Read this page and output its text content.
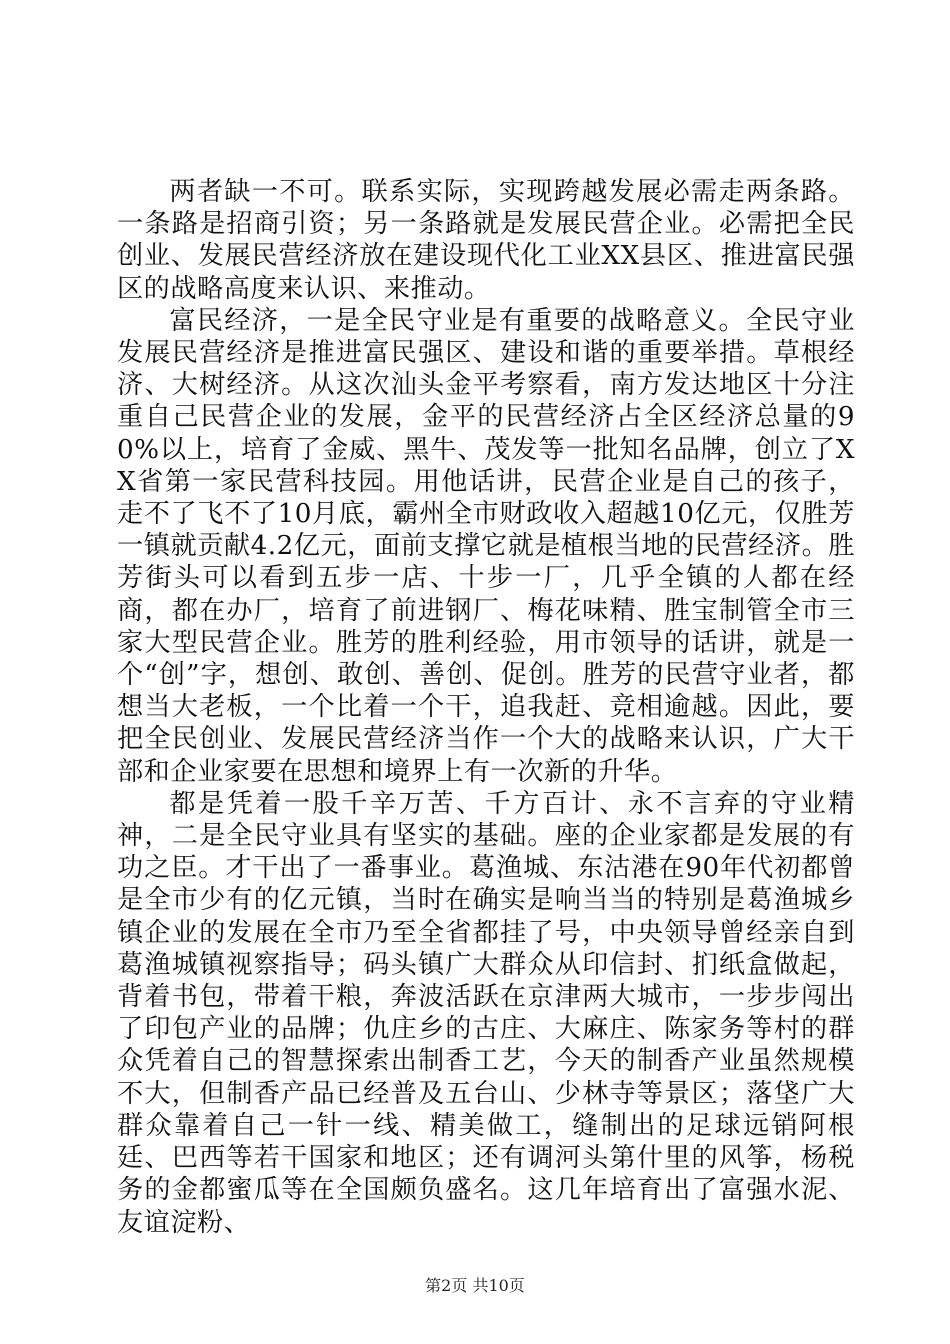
两者缺一不可。联系实际，实现跨越发展必需走两条路。一条路是招商引资；另一条路就是发展民营企业。必需把全民创业、发展民营经济放在建设现代化工业XX县区、推进富民强区的战略高度来认识、来推动。

富民经济，一是全民守业是有重要的战略意义。全民守业发展民营经济是推进富民强区、建设和谐的重要举措。草根经济、大树经济。从这次汕头金平考察看，南方发达地区十分注重自己民营企业的发展，金平的民营经济占全区经济总量的90%以上，培育了金威、黑牛、茂发等一批知名品牌，创立了XX省第一家民营科技园。用他话讲，民营企业是自己的孩子，走不了飞不了10月底，霸州全市财政收入超越10亿元，仅胜芳一镇就贡献4.2亿元，面前支撑它就是植根当地的民营经济。胜芳街头可以看到五步一店、十步一厂，几乎全镇的人都在经商，都在办厂，培育了前进钢厂、梅花味精、胜宝制管全市三家大型民营企业。胜芳的胜利经验，用市领导的话讲，就是一个“创”字，想创、敢创、善创、促创。胜芳的民营守业者，都想当大老板，一个比着一个干，追我赶、竞相逾越。因此，要把全民创业、发展民营经济当作一个大的战略来认识，广大干部和企业家要在思想和境界上有一次新的升华。

都是凭着一股千辛万苦、千方百计、永不言弃的守业精神，二是全民守业具有坚实的基础。座的企业家都是发展的有功之臣。才干出了一番事业。葛渔城、东沽港在90年代初都曾是全市少有的亿元镇，当时在确实是响当当的特别是葛渔城乡镇企业的发展在全市乃至全省都挂了号，中央领导曾经亲自到葛渔城镇视察指导；码头镇广大群众从印信封、扪纸盒做起，背着书包，带着干粮，奔波活跃在京津两大城市，一步步闯出了印包产业的品牌；仇庄乡的古庄、大麻庄、陈家务等村的群众凭着自己的智慧探索出制香工艺，今天的制香产业虽然规模不大，但制香产品已经普及五台山、少林寺等景区；落垡广大群众靠着自己一针一线、精美做工，缝制出的足球远销阿根廷、巴西等若干国家和地区；还有调河头第什里的风筝，杨税务的金都蜜瓜等在全国颇负盛名。这几年培育出了富强水泥、友谊淀粉、

第2页 共10页
